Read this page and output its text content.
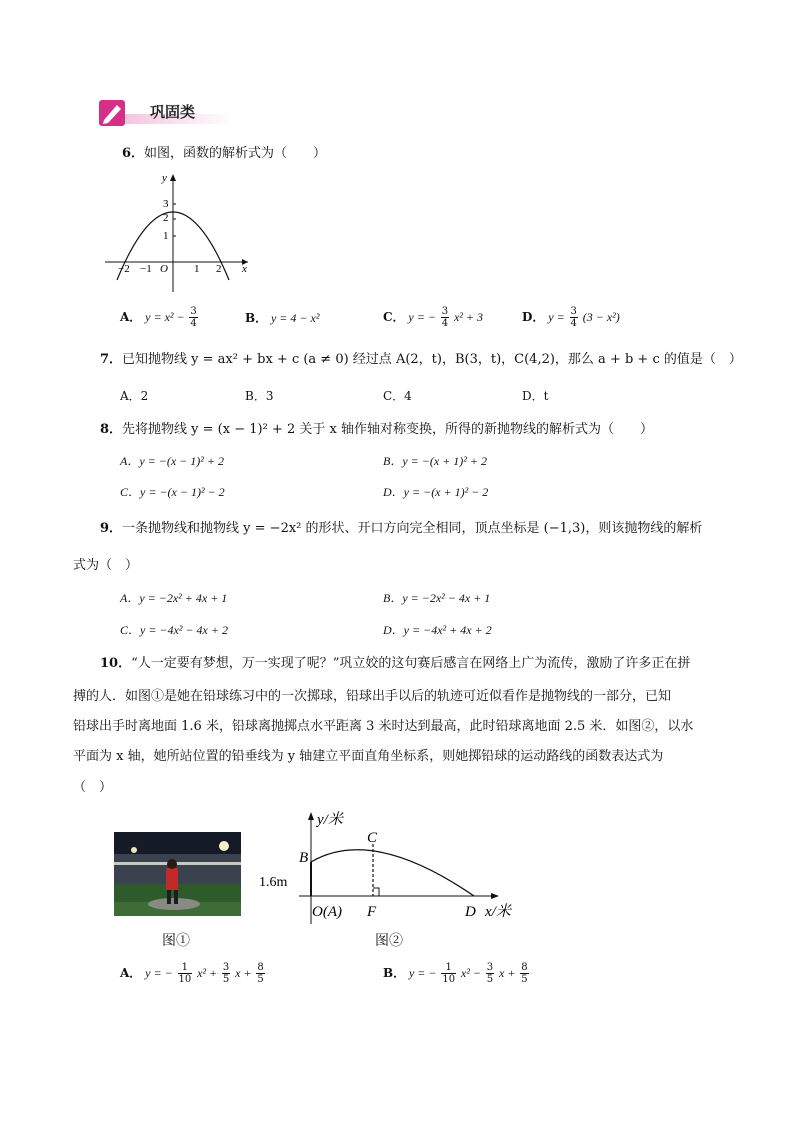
巩固类
6．如图，函数的解析式为（　　）
−2 −1	1 2
3
2
1
O	x
y
A． $y = x^2 - \frac{3}{4}$	B． y = 4 − x²	C． y = − $\frac{3}{4} x^2 + 3$	D． $y = \frac{3}{4} (3 - x^2)$
7．已知抛物线 y = ax² + bx + c (a ≠ 0) 经过点 A(2，t)，B(3，t)，C(4,2)，那么 a + b + c 的值是（　）
A．2	B．3	C．4	D．t
8．先将抛物线 y = (x − 1)² + 2 关于 x 轴作轴对称变换，所得的新抛物线的解析式为（　　）
A．y = −(x − 1)² + 2	B．y = −(x + 1)² + 2
C．y = −(x − 1)² − 2	D．y = −(x + 1)² − 2
9．一条抛物线和抛物线 y = −2x² 的形状、开口方向完全相同，顶点坐标是 (−1,3)，则该抛物线的解析
式为（　）
A．y = −2x² + 4x + 1	B．y = −2x² − 4x + 1
C．y = −4x² − 4x + 2	D．y = −4x² + 4x + 2
10．“人一定要有梦想，万一实现了呢？”巩立姣的这句赛后感言在网络上广为流传，激励了许多正在拼
搏的人．如图①是她在铅球练习中的一次掷球，铅球出手以后的轨迹可近似看作是抛物线的一部分，已知
铅球出手时离地面 1.6 米，铅球离抛掷点水平距离 3 米时达到最高，此时铅球离地面 2.5 米．如图②，以水
平面为 x 轴，她所站位置的铅垂线为 y 轴建立平面直角坐标系，则她掷铅球的运动路线的函数表达式为
（　）
图①
y/米
x/米
B
C
D
F
O(A)
1.6m
图②
A． y = − $\frac{1}{10} x^2 + \frac{3}{5}$ $x + \frac{8}{5}$	B． y = − $\frac{1}{10} x^2 - \frac{3}{5}$ $x + \frac{8}{5}$
